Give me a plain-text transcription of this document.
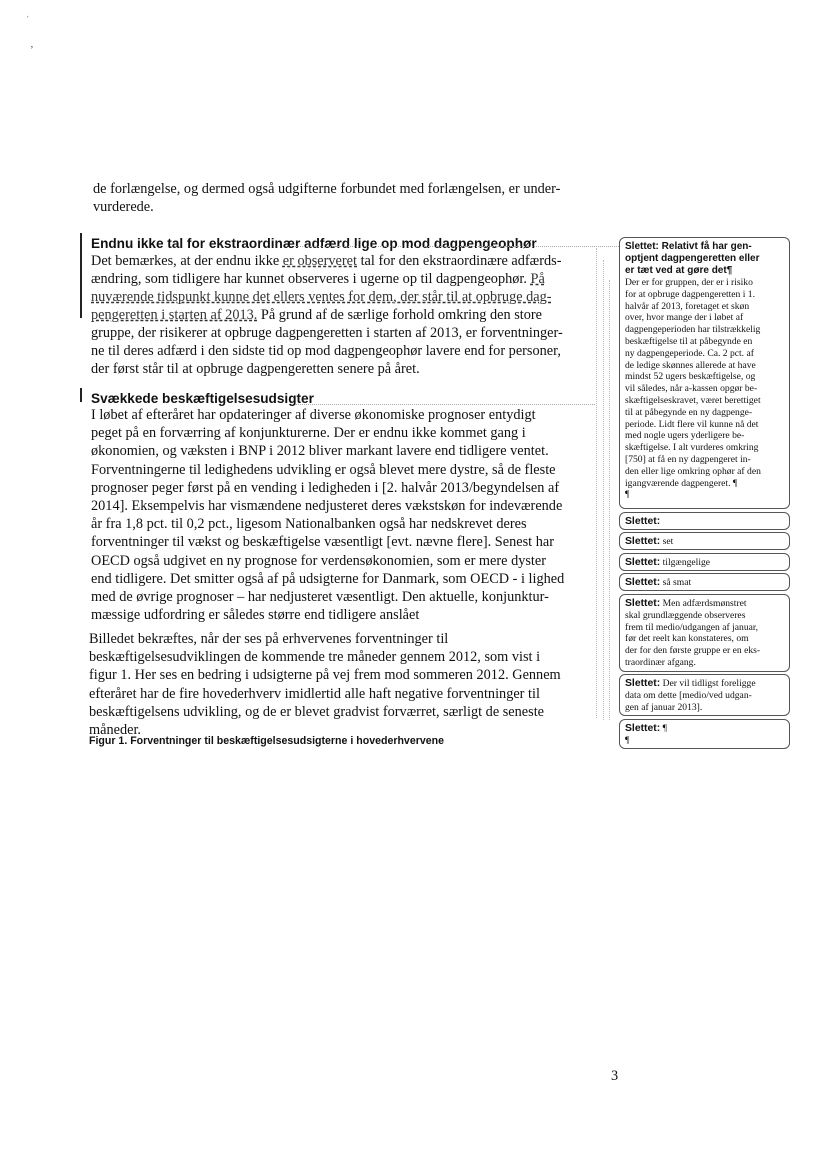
ˈ
ʼ
de forlængelse, og dermed også udgifterne forbundet med forlængelsen, er under-
vurderede.
Endnu ikke tal for ekstraordinær adfærd lige op mod dagpengeophør
Det bemærkes, at der endnu ikke er observeret tal for den ekstraordinære adfærds-
ændring, som tidligere har kunnet observeres i ugerne op til dagpengeophør. På
nuværende tidspunkt kunne det ellers ventes for dem, der står til at opbruge dag-
pengeretten i starten af 2013. På grund af de særlige forhold omkring den store
gruppe, der risikerer at opbruge dagpengeretten i starten af 2013, er forventninger-
ne til deres adfærd i den sidste tid op mod dagpengeophør lavere end for personer,
der først står til at opbruge dagpengeretten senere på året.
Svækkede beskæftigelsesudsigter
I løbet af efteråret har opdateringer af diverse økonomiske prognoser entydigt
peget på en forværring af konjunkturerne. Der er endnu ikke kommet gang i
økonomien, og væksten i BNP i 2012 bliver markant lavere end tidligere ventet.
Forventningerne til ledighedens udvikling er også blevet mere dystre, så de fleste
prognoser peger først på en vending i ledigheden i [2. halvår 2013/begyndelsen af
2014]. Eksempelvis har vismændene nedjusteret deres vækstskøn for indeværende
år fra 1,8 pct. til 0,2 pct., ligesom Nationalbanken også har nedskrevet deres
forventninger til vækst og beskæftigelse væsentligt [evt. nævne flere]. Senest har
OECD også udgivet en ny prognose for verdensøkonomien, som er mere dyster
end tidligere. Det smitter også af på udsigterne for Danmark, som OECD - i lighed
med de øvrige prognoser – har nedjusteret væsentligt. Den aktuelle, konjunktur-
mæssige udfordring er således større end tidligere anslået
Billedet bekræftes, når der ses på erhvervenes forventninger til
beskæftigelsesudviklingen de kommende tre måneder gennem 2012, som vist i
figur 1. Her ses en bedring i udsigterne på vej frem mod sommeren 2012. Gennem
efteråret har de fire hovederhverv imidlertid alle haft negative forventninger til
beskæftigelsens udvikling, og de er blevet gradvist forværret, særligt de seneste
måneder.
Figur 1. Forventninger til beskæftigelsesudsigterne i hovederhvervene
3
Slettet: Relativt få har gen-
optjent dagpengeretten eller
er tæt ved at gøre det¶
Der er for gruppen, der er i risiko
for at opbruge dagpengeretten i 1.
halvår af 2013, foretaget et skøn
over, hvor mange der i løbet af
dagpengeperioden har tilstrækkelig
beskæftigelse til at påbegynde en
ny dagpengeperiode. Ca. 2 pct. af
de ledige skønnes allerede at have
mindst 52 ugers beskæftigelse, og
vil således, når a-kassen opgør be-
skæftigelseskravet, været berettiget
til at påbegynde en ny dagpenge-
periode. Lidt flere vil kunne nå det
med nogle ugers yderligere be-
skæftigelse. I alt vurderes omkring
[750] at få en ny dagpengeret in-
den eller lige omkring ophør af den
igangværende dagpengeret. ¶
¶
Slettet:
Slettet: set
Slettet: tilgængelige
Slettet: så smat
Slettet: Men adfærdsmønstret
skal grundlæggende observeres
frem til medio/udgangen af januar,
før det reelt kan konstateres, om
der for den første gruppe er en eks-
traordinær afgang.
Slettet: Der vil tidligst foreligge
data om dette [medio/ved udgan-
gen af januar 2013].
Slettet: ¶
¶
